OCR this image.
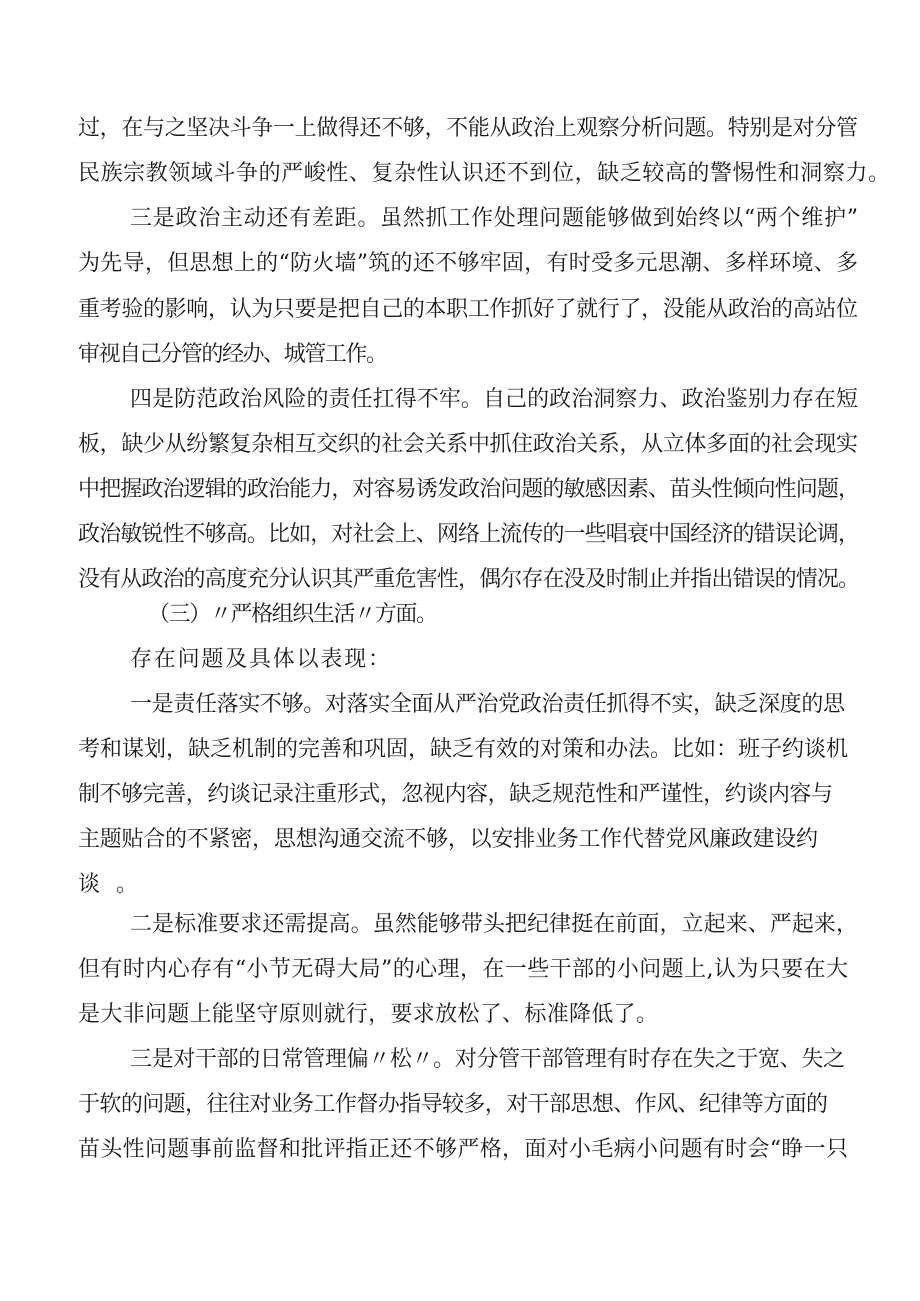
过，在与之坚决斗争一上做得还不够，不能从政治上观察分析问题。特别是对分管
民族宗教领域斗争的严峻性、复杂性认识还不到位，缺乏较高的警惕性和洞察力。
三是政治主动还有差距。虽然抓工作处理问题能够做到始终以“两个维护”
为先导，但思想上的“防火墙”筑的还不够牢固，有时受多元思潮、多样环境、多
重考验的影响，认为只要是把自己的本职工作抓好了就行了，没能从政治的高站位
审视自己分管的经办、城管工作。
四是防范政治风险的责任扛得不牢。自己的政治洞察力、政治鉴别力存在短
板，缺少从纷繁复杂相互交织的社会关系中抓住政治关系，从立体多面的社会现实
中把握政治逻辑的政治能力，对容易诱发政治问题的敏感因素、苗头性倾向性问题，
政治敏锐性不够高。比如，对社会上、网络上流传的一些唱衰中国经济的错误论调，
没有从政治的高度充分认识其严重危害性，偶尔存在没及时制止并指出错误的情况。
（三）〃严格组织生活〃方面。
存在问题及具体以表现：
一是责任落实不够。对落实全面从严治党政治责任抓得不实，缺乏深度的思
考和谋划，缺乏机制的完善和巩固，缺乏有效的对策和办法。比如：班子约谈机
制不够完善，约谈记录注重形式，忽视内容，缺乏规范性和严谨性，约谈内容与
主题贴合的不紧密，思想沟通交流不够，以安排业务工作代替党风廉政建设约
谈。
二是标准要求还需提高。虽然能够带头把纪律挺在前面，立起来、严起来，
但有时内心存有“小节无碍大局”的心理，在一些干部的小问题上,认为只要在大
是大非问题上能坚守原则就行，要求放松了、标准降低了。
三是对干部的日常管理偏〃松〃。对分管干部管理有时存在失之于宽、失之
于软的问题，往往对业务工作督办指导较多，对干部思想、作风、纪律等方面的
苗头性问题事前监督和批评指正还不够严格，面对小毛病小问题有时会“睁一只
